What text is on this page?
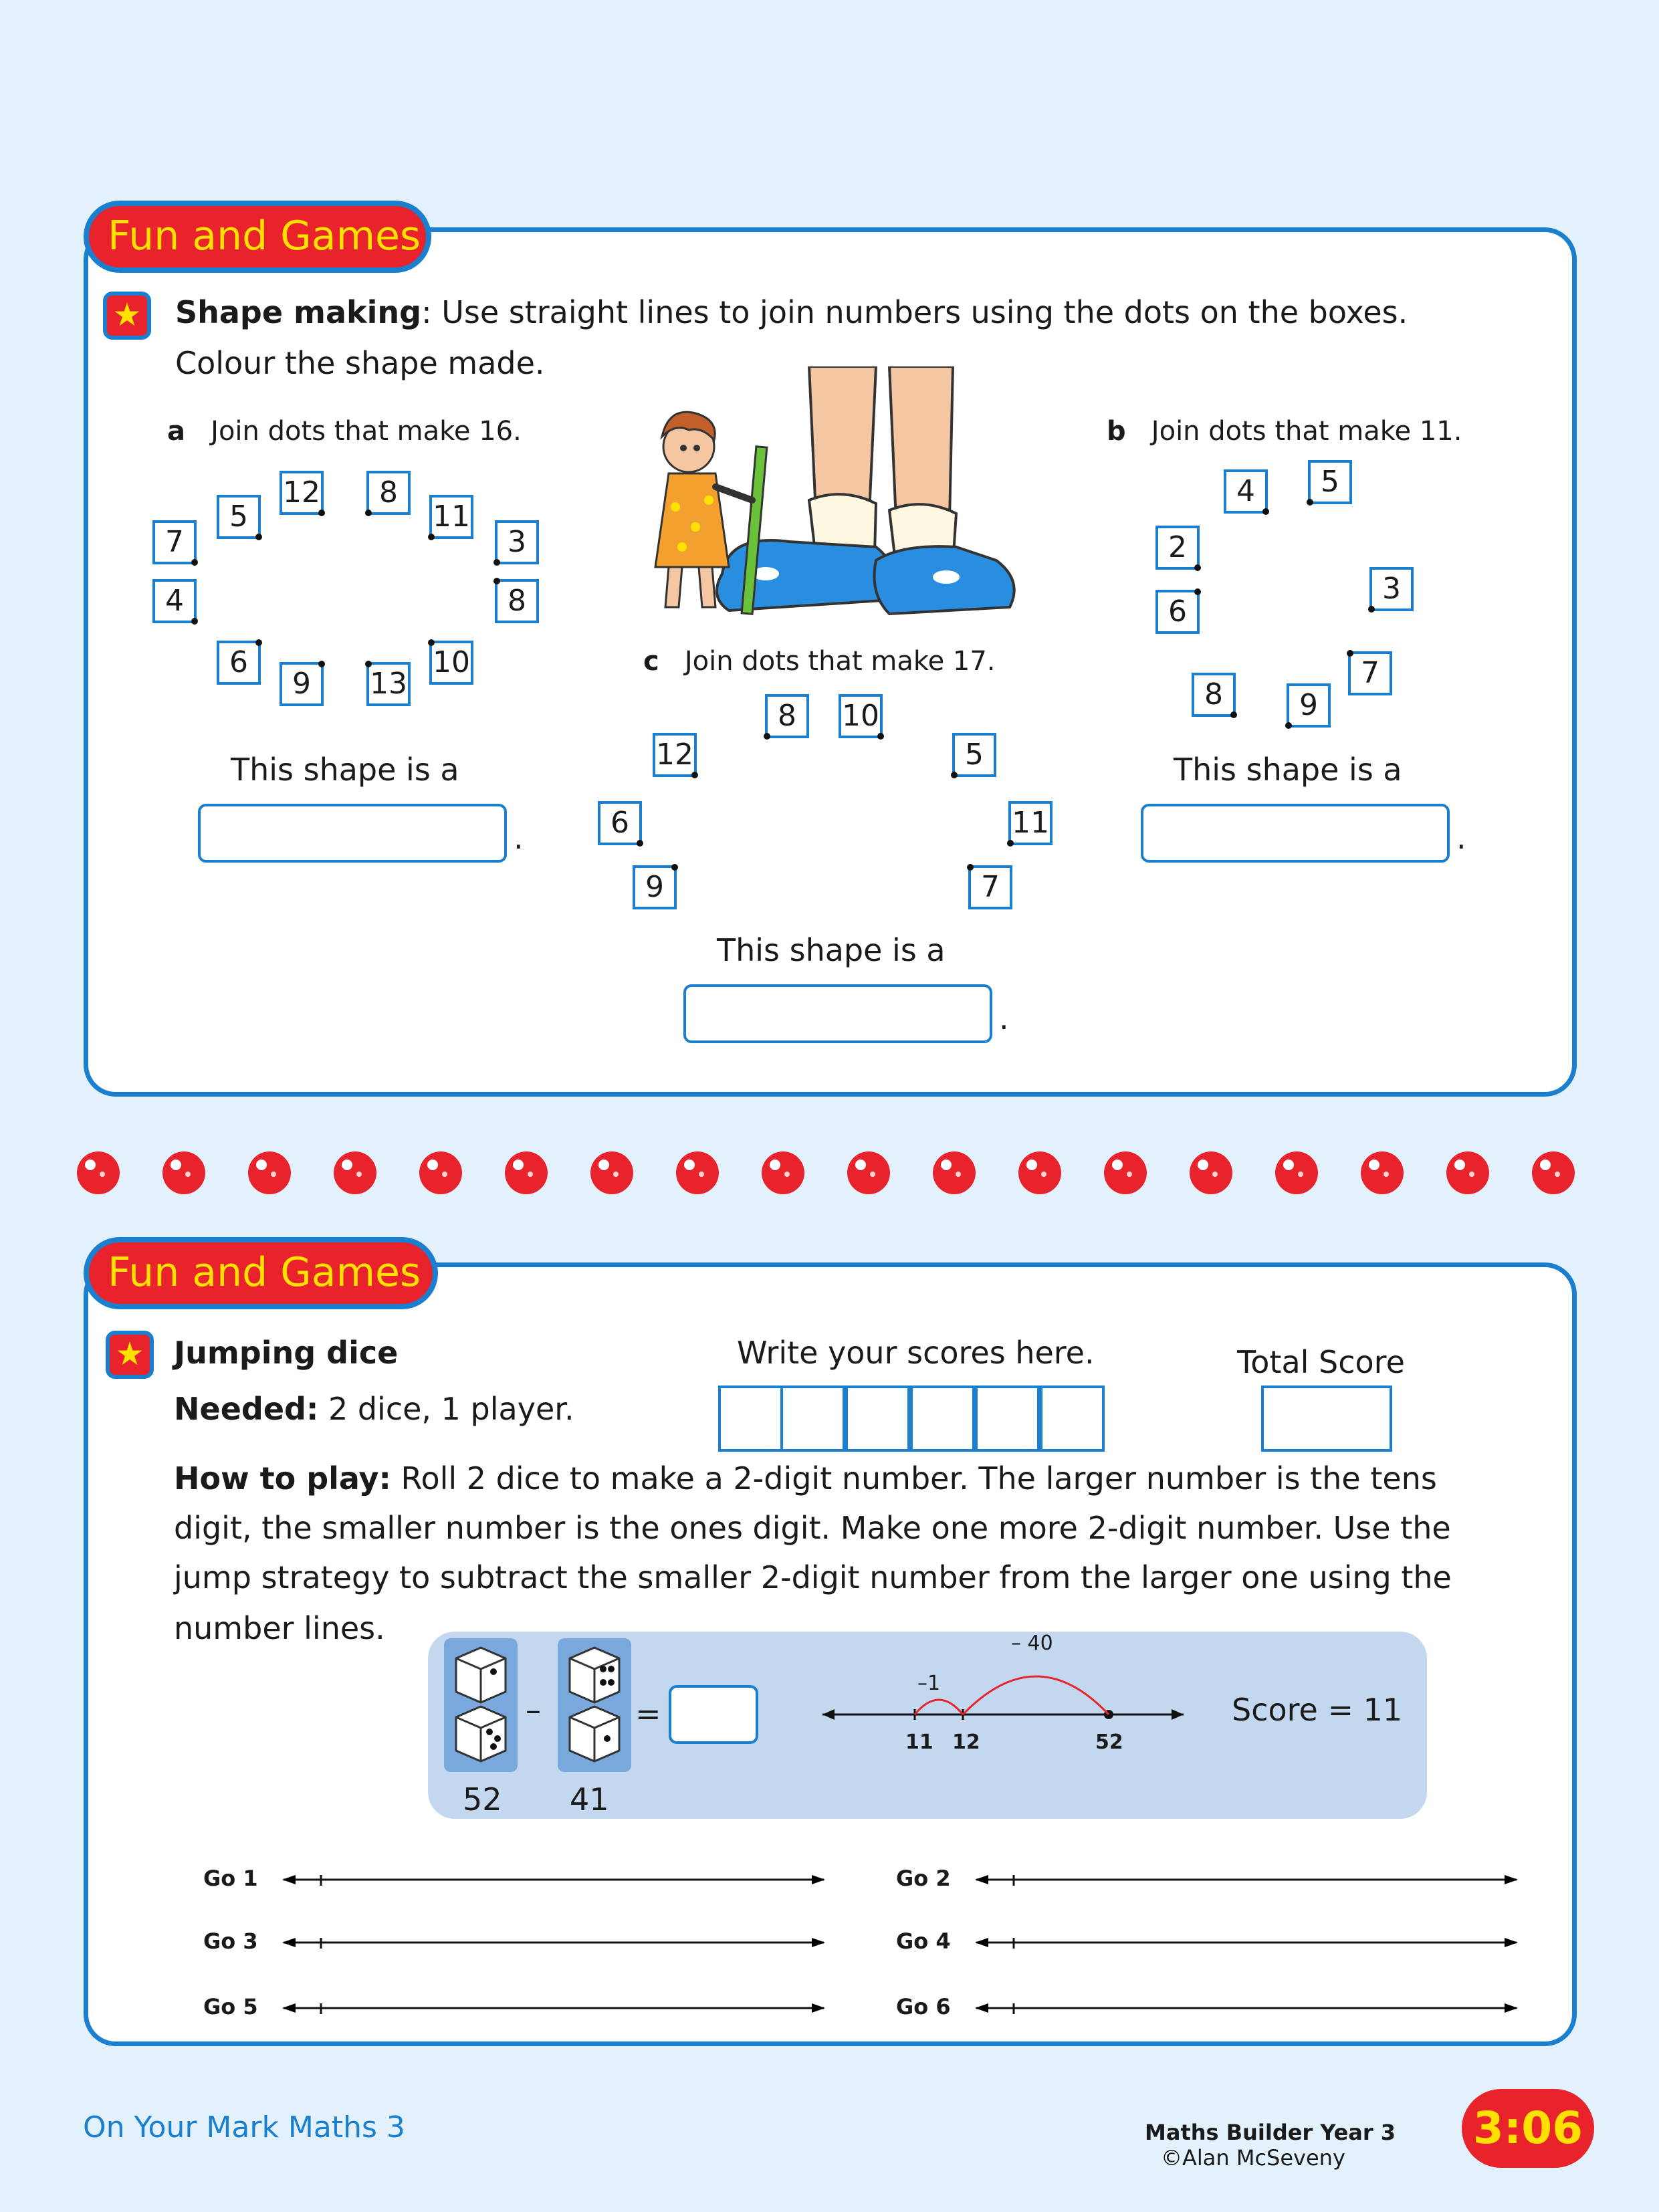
Fun and Games
★	Shape making: Use straight lines to join numbers using the dots on the boxes.
Colour the shape made.
a Join dots that make 16.
12	8
5	11
7	3
4	8
6
9	13
10
This shape is a
.
b Join dots that make 11.
4	5
2
3
6
7
8	9
This shape is a
.
c Join dots that make 17.
8	10
12	5
6	11
9	7
This shape is a
.
Fun and Games
★ Jumping dice
Needed: 2 dice, 1 player.
Write your scores here.	Total Score
How to play: Roll 2 dice to make a 2-digit number. The larger number is the tens
digit, the smaller number is the ones digit. Make one more 2-digit number. Use the
jump strategy to subtract the smaller 2-digit number from the larger one using the
number lines.
–	=
52 41
– 40
–1
11 12	52
Score = 11
Go 1	Go 2
Go 3	Go 4
Go 5	Go 6
On Your Mark Maths 3	Maths Builder Year 3
©Alan McSeveny
3:06
